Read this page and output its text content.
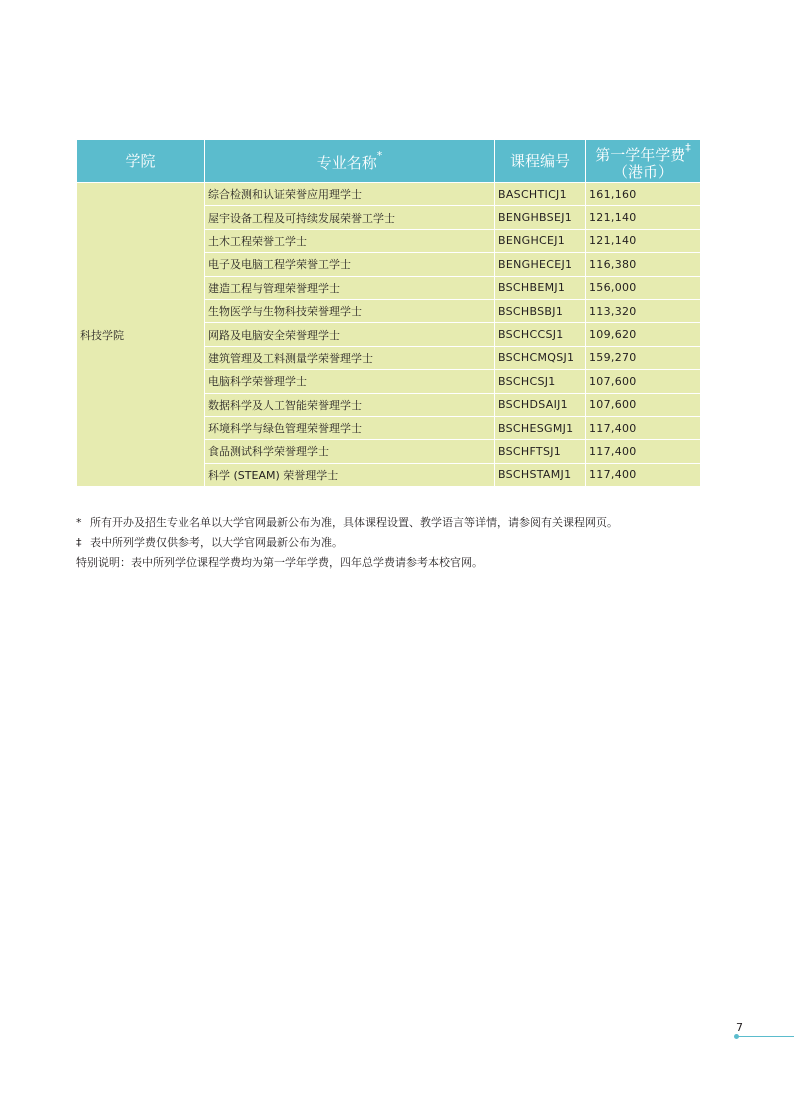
学院	专业名称*	课程编号	第一学年学费‡
（港币）
科技学院	综合检测和认证荣誉应用理学士	BASCHTICJ1	161,160
	屋宇设备工程及可持续发展荣誉工学士	BENGHBSEJ1	121,140
	土木工程荣誉工学士	BENGHCEJ1	121,140
	电子及电脑工程学荣誉工学士	BENGHECEJ1	116,380
	建造工程与管理荣誉理学士	BSCHBEMJ1	156,000
	生物医学与生物科技荣誉理学士	BSCHBSBJ1	113,320
	网路及电脑安全荣誉理学士	BSCHCCSJ1	109,620
	建筑管理及工料测量学荣誉理学士	BSCHCMQSJ1	159,270
	电脑科学荣誉理学士	BSCHCSJ1	107,600
	数据科学及人工智能荣誉理学士	BSCHDSAIJ1	107,600
	环境科学与绿色管理荣誉理学士	BSCHESGMJ1	117,400
	食品测试科学荣誉理学士	BSCHFTSJ1	117,400
	科学 (STEAM) 荣誉理学士	BSCHSTAMJ1	117,400
* 所有开办及招生专业名单以大学官网最新公布为准，具体课程设置、教学语言等详情，请参阅有关课程网页。
‡ 表中所列学费仅供参考，以大学官网最新公布为准。
特别说明：表中所列学位课程学费均为第一学年学费，四年总学费请参考本校官网。
7
